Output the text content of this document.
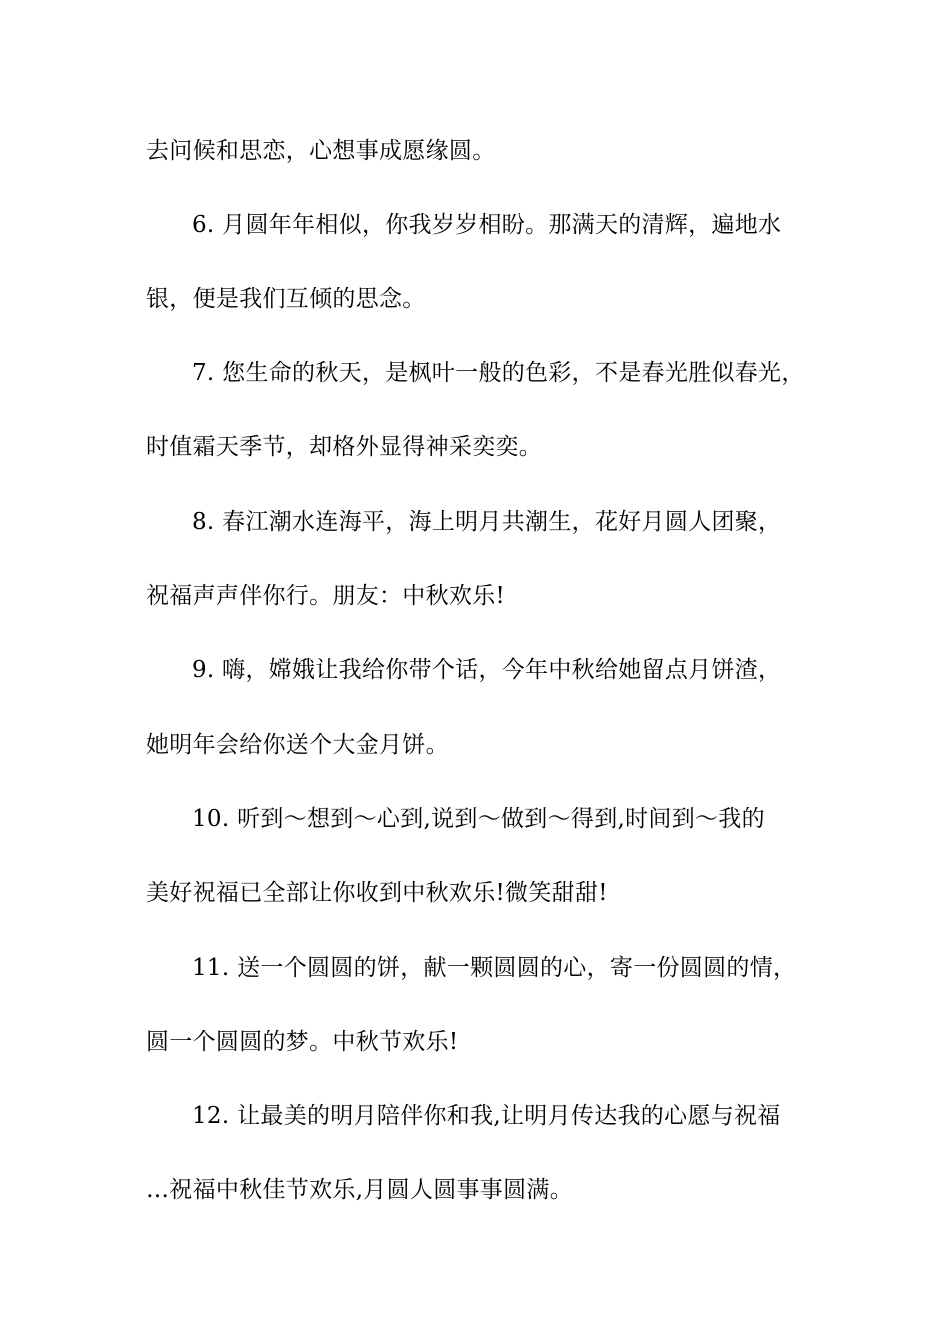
去问候和思恋，心想事成愿缘圆。
6. 月圆年年相似，你我岁岁相盼。那满天的清辉，遍地水
银，便是我们互倾的思念。
7. 您生命的秋天，是枫叶一般的色彩，不是春光胜似春光，
时值霜天季节，却格外显得神采奕奕。
8. 春江潮水连海平，海上明月共潮生，花好月圆人团聚，
祝福声声伴你行。朋友：中秋欢乐!
9. 嗨，嫦娥让我给你带个话，今年中秋给她留点月饼渣，
她明年会给你送个大金月饼。
10. 听到～想到～心到,说到～做到～得到,时间到～我的
美好祝福已全部让你收到中秋欢乐!微笑甜甜!
11. 送一个圆圆的饼，献一颗圆圆的心，寄一份圆圆的情，
圆一个圆圆的梦。中秋节欢乐!
12. 让最美的明月陪伴你和我,让明月传达我的心愿与祝福
…祝福中秋佳节欢乐,月圆人圆事事圆满。
